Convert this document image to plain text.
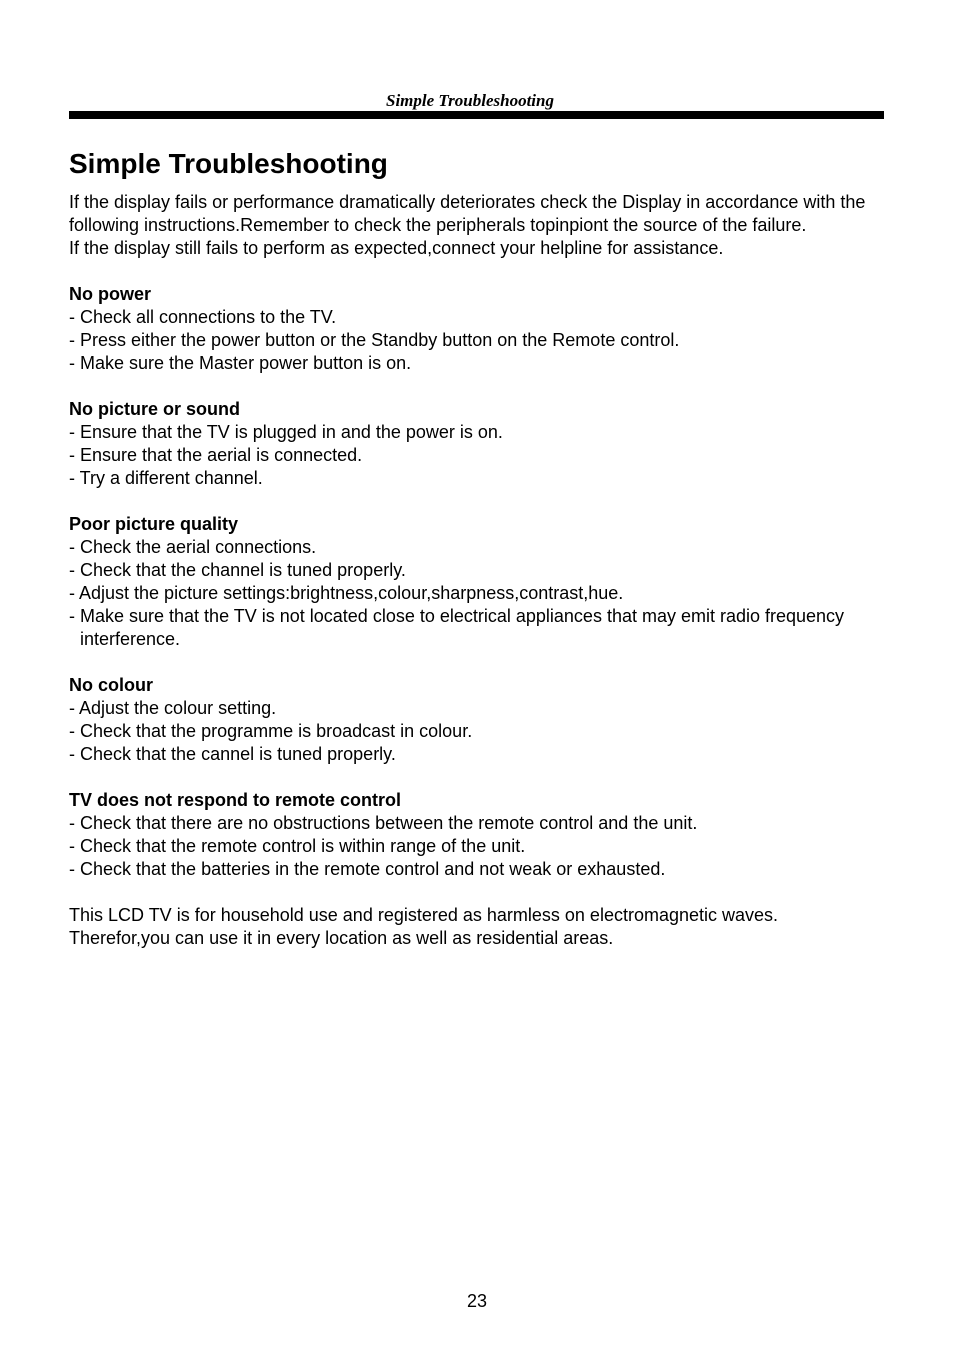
Simple Troubleshooting
Simple Troubleshooting

If the display fails or performance dramatically deteriorates check the Display in accordance with the following instructions.Remember to check the peripherals topinpiont the source of the failure.

If the display still fails to perform as expected,connect your helpline for assistance.

No power

- Check all connections to the TV.

- Press either the power button or the Standby button on the Remote control.

- Make sure the Master power button is on.

No picture or sound

- Ensure that the TV is plugged in and the power is on.

- Ensure that the aerial is connected.

- Try a different channel.

Poor picture quality

- Check the aerial connections.

- Check that the channel is tuned properly.

- Adjust the picture settings:brightness,colour,sharpness,contrast,hue.

- Make sure that the TV is not located close to electrical appliances that may emit radio frequency interference.

No colour

- Adjust the colour setting.

- Check that the programme is broadcast in colour.

- Check that the cannel is tuned properly.

TV does not respond to remote control

- Check that there are no obstructions between the remote control and the unit.

- Check that the remote control is within range of the unit.

- Check that the batteries in the remote control and not weak or exhausted.

This LCD TV is for household use and registered as harmless on electromagnetic waves.

Therefor,you can use it in every location as well as residential areas.

23
